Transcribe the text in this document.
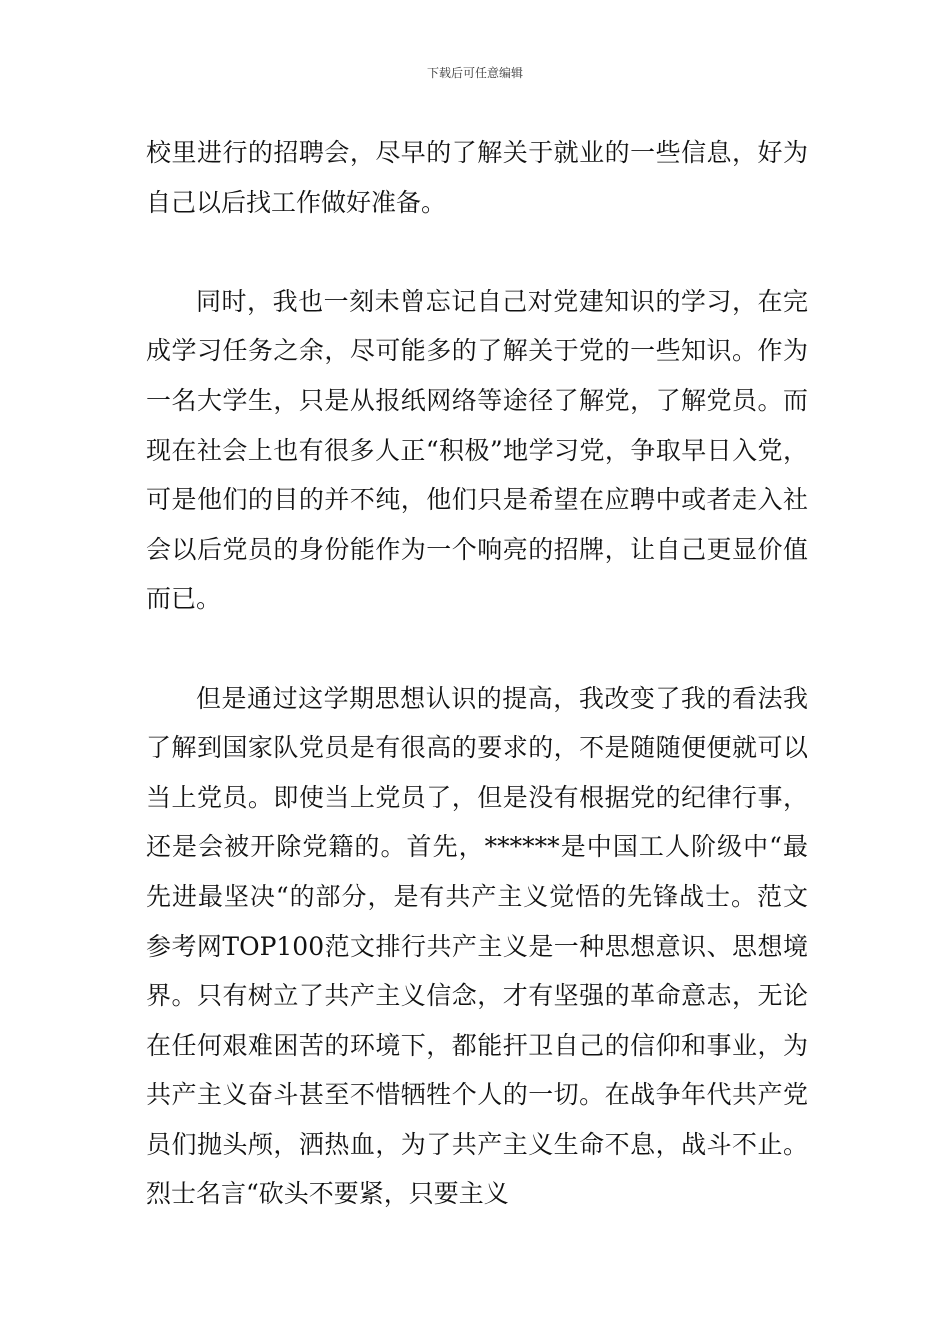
下载后可任意编辑

校里进行的招聘会，尽早的了解关于就业的一些信息，好为自己以后找工作做好准备。

同时，我也一刻未曾忘记自己对党建知识的学习，在完成学习任务之余，尽可能多的了解关于党的一些知识。作为一名大学生，只是从报纸网络等途径了解党，了解党员。而现在社会上也有很多人正“积极”地学习党，争取早日入党，可是他们的目的并不纯，他们只是希望在应聘中或者走入社会以后党员的身份能作为一个响亮的招牌，让自己更显价值而已。

但是通过这学期思想认识的提高，我改变了我的看法我了解到国家队党员是有很高的要求的，不是随随便便就可以当上党员。即使当上党员了，但是没有根据党的纪律行事，还是会被开除党籍的。首先，******是中国工人阶级中“最先进最坚决“的部分，是有共产主义觉悟的先锋战士。范文参考网TOP100范文排行共产主义是一种思想意识、思想境界。只有树立了共产主义信念，才有坚强的革命意志，无论在任何艰难困苦的环境下，都能扞卫自己的信仰和事业，为共产主义奋斗甚至不惜牺牲个人的一切。在战争年代共产党员们抛头颅，洒热血，为了共产主义生命不息，战斗不止。烈士名言“砍头不要紧，只要主义
